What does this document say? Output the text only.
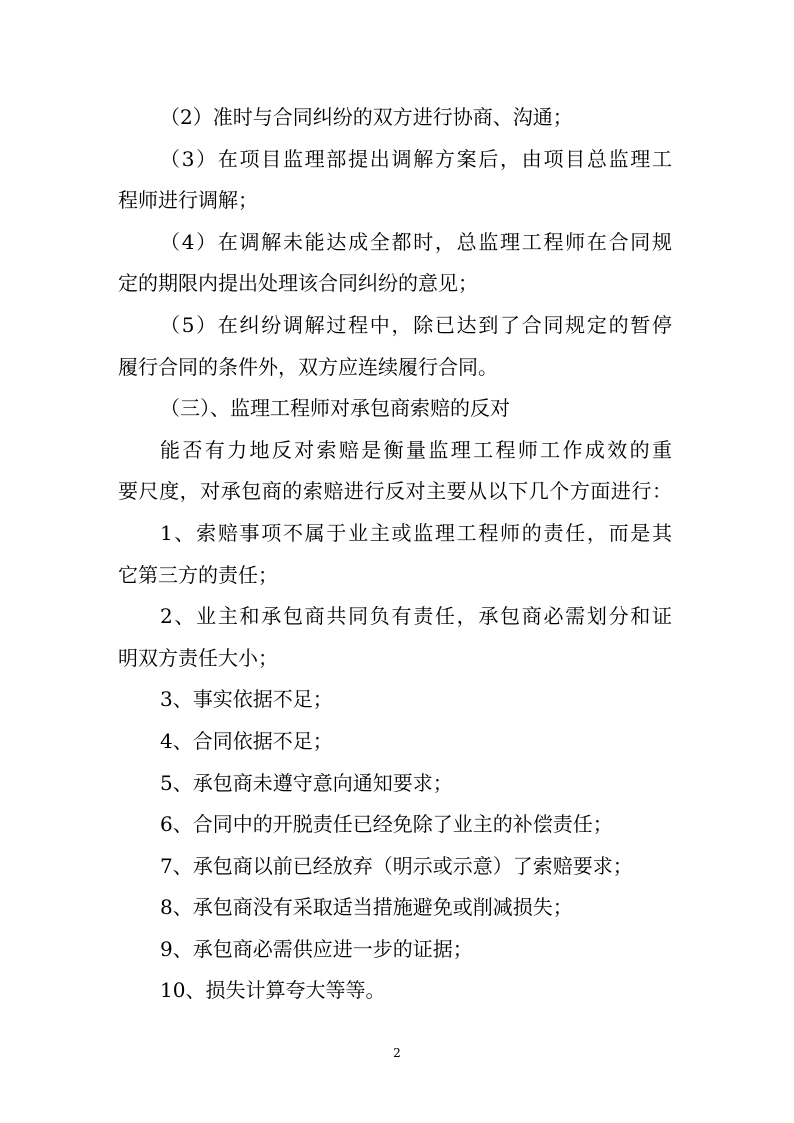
（2）准时与合同纠纷的双方进行协商、沟通；
（3）在项目监理部提出调解方案后，由项目总监理工
程师进行调解；
（4）在调解未能达成全都时，总监理工程师在合同规
定的期限内提出处理该合同纠纷的意见；
（5）在纠纷调解过程中，除已达到了合同规定的暂停
履行合同的条件外，双方应连续履行合同。
（三）、监理工程师对承包商索赔的反对
能否有力地反对索赔是衡量监理工程师工作成效的重
要尺度，对承包商的索赔进行反对主要从以下几个方面进行：
1、索赔事项不属于业主或监理工程师的责任，而是其
它第三方的责任；
2、业主和承包商共同负有责任，承包商必需划分和证
明双方责任大小；
3、事实依据不足；
4、合同依据不足；
5、承包商未遵守意向通知要求；
6、合同中的开脱责任已经免除了业主的补偿责任；
7、承包商以前已经放弃（明示或示意）了索赔要求；
8、承包商没有采取适当措施避免或削减损失；
9、承包商必需供应进一步的证据；
10、损失计算夸大等等。
2
